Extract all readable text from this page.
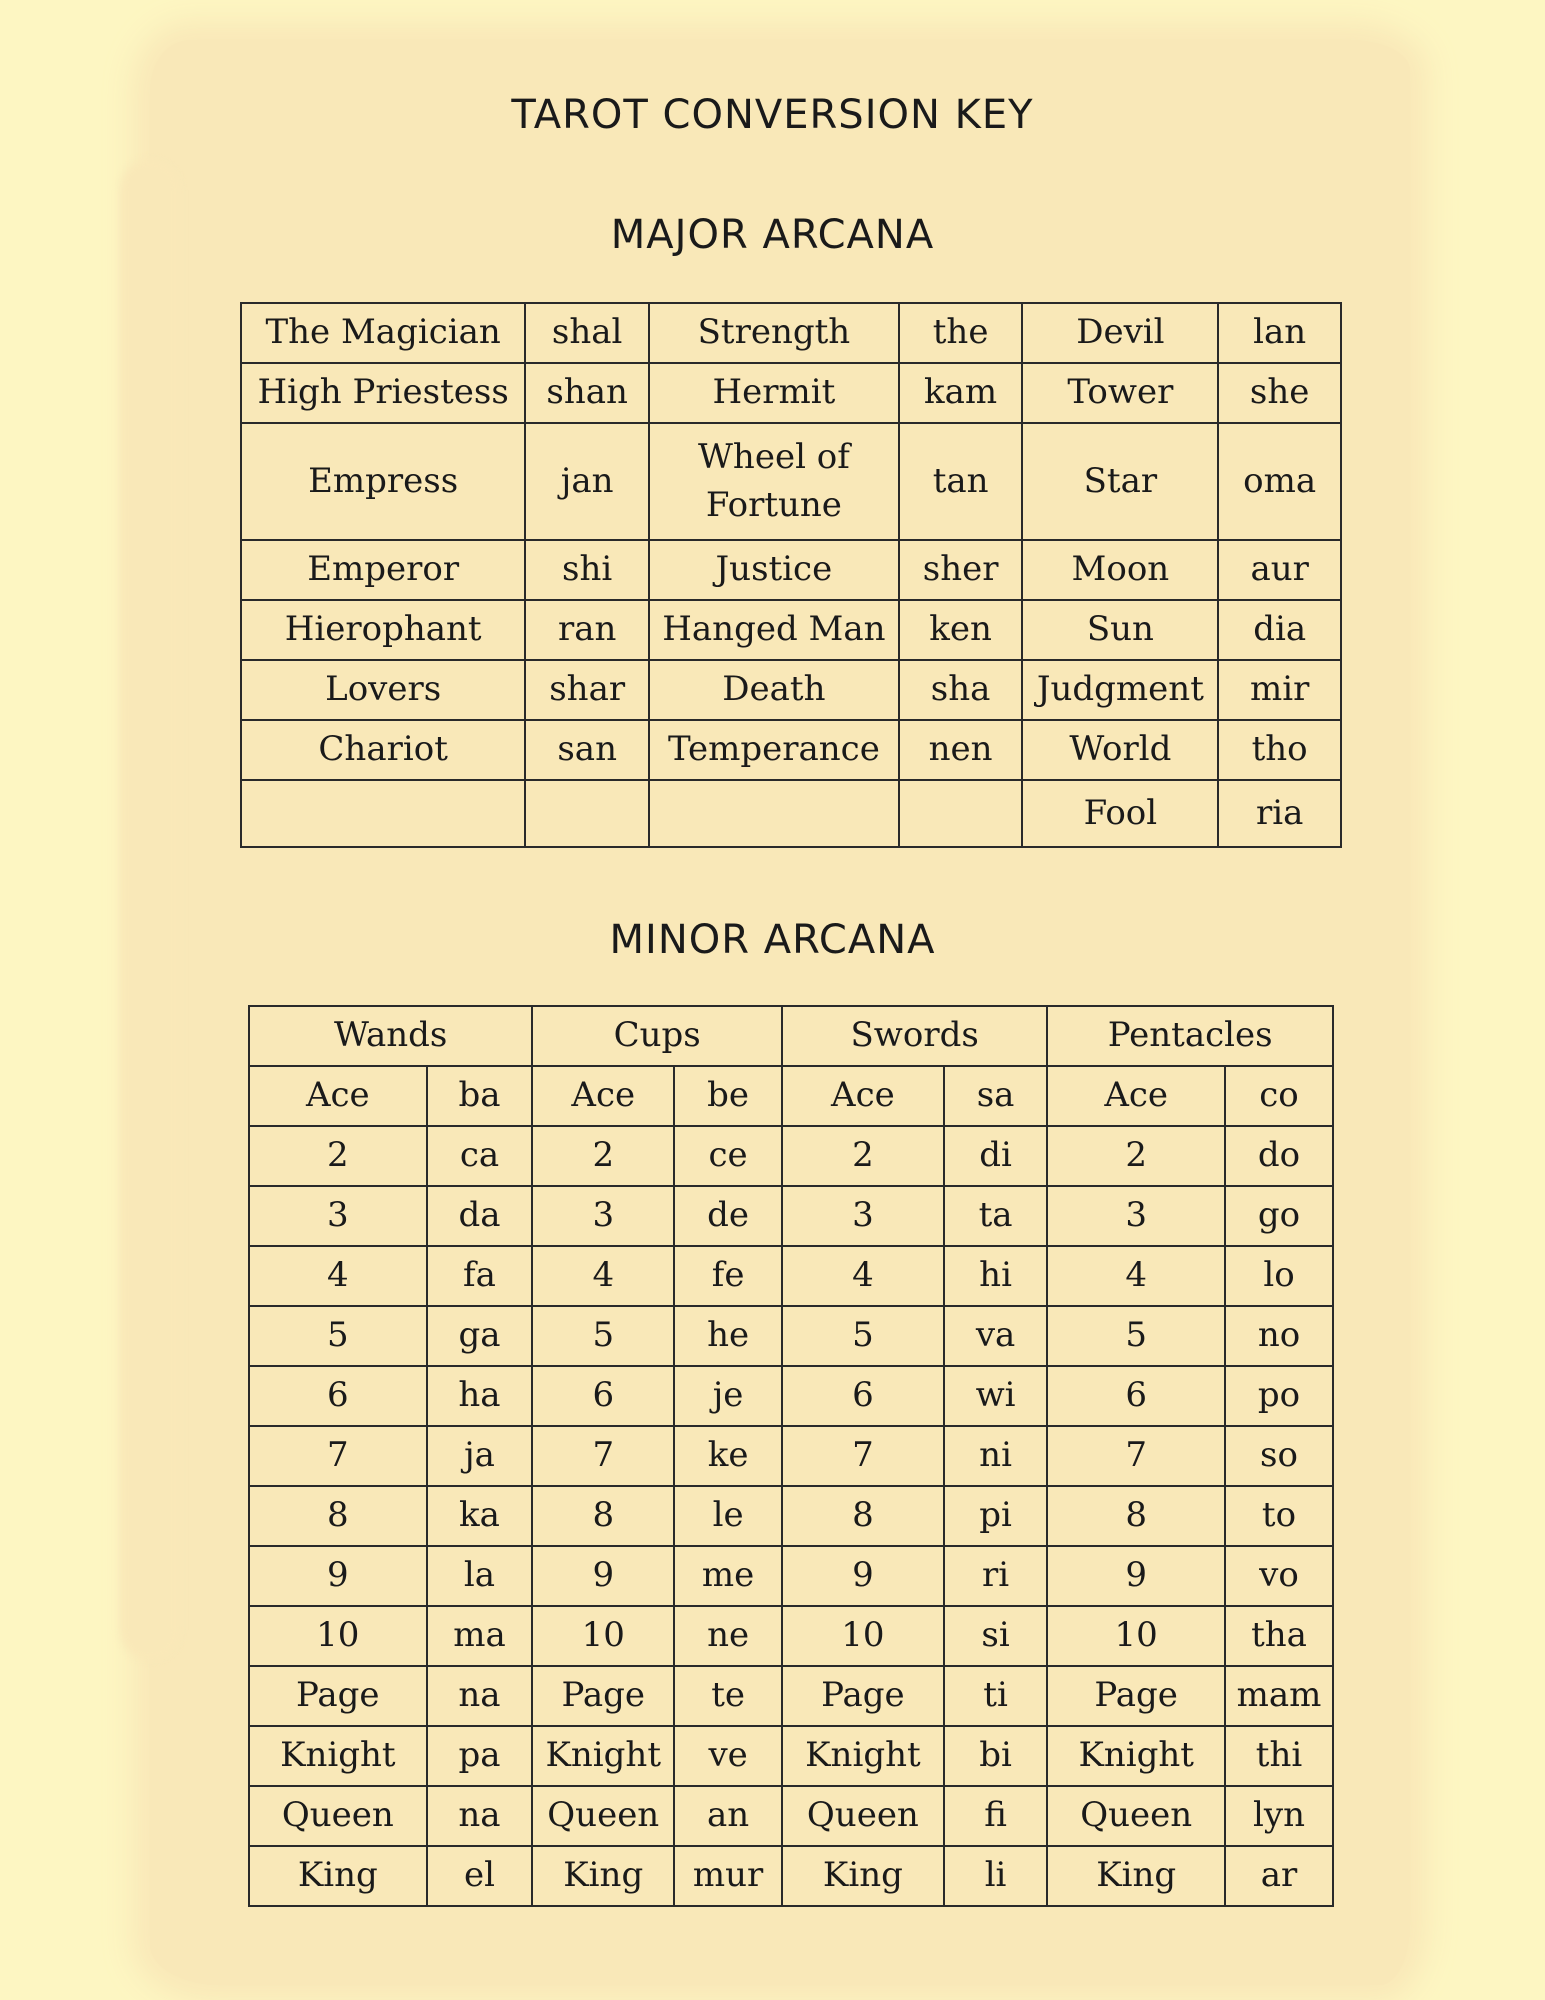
TAROT CONVERSION KEY
MAJOR ARCANA
The Magician	shal	Strength	the	Devil	lan
High Priestess	shan	Hermit	kam	Tower	she
Empress	jan	Wheel of Fortune	tan	Star	oma
Emperor	shi	Justice	sher	Moon	aur
Hierophant	ran	Hanged Man	ken	Sun	dia
Lovers	shar	Death	sha	Judgment	mir
Chariot	san	Temperance	nen	World	tho
				Fool	ria
MINOR ARCANA
Wands		Cups		Swords		Pentacles	
Ace	ba	Ace	be	Ace	sa	Ace	co
2	ca	2	ce	2	di	2	do
3	da	3	de	3	ta	3	go
4	fa	4	fe	4	hi	4	lo
5	ga	5	he	5	va	5	no
6	ha	6	je	6	wi	6	po
7	ja	7	ke	7	ni	7	so
8	ka	8	le	8	pi	8	to
9	la	9	me	9	ri	9	vo
10	ma	10	ne	10	si	10	tha
Page	na	Page	te	Page	ti	Page	mam
Knight	pa	Knight	ve	Knight	bi	Knight	thi
Queen	na	Queen	an	Queen	fi	Queen	lyn
King	el	King	mur	King	li	King	ar
